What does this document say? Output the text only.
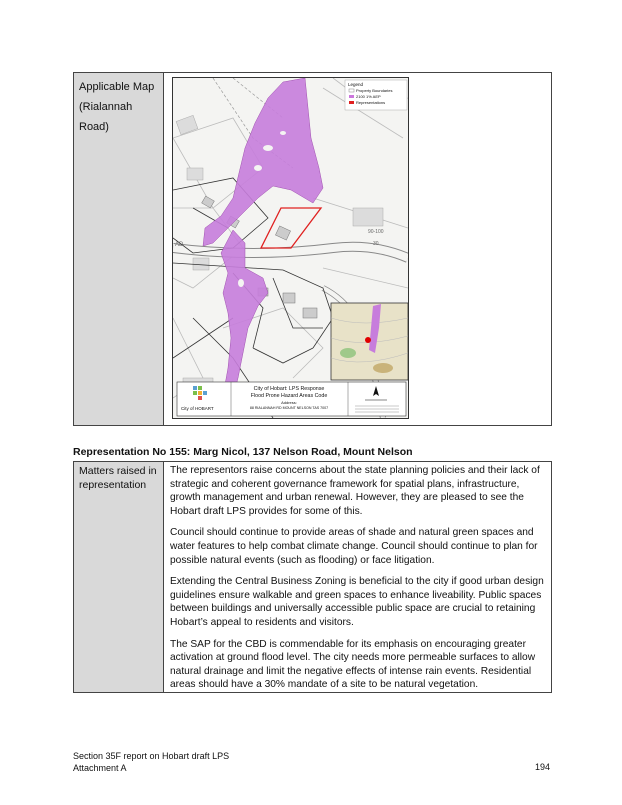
Applicable Map
(Rialannah Road)
AD
90-100
30
Legend
Property Boundaries
2100 1% AEP
Representations
City of HOBART
City of Hobart: LPS Response
Flood Prone Hazard Areas Code
Address:
88 RIALANNAH RD MOUNT NELSON TAS 7007
Representation No 155: Marg Nicol, 137 Nelson Road, Mount Nelson
Matters raised in representation

The representors raise concerns about the state planning policies and their lack of strategic and coherent governance framework for spatial plans, infrastructure, growth management and urban renewal. However, they are pleased to see the Hobart draft LPS provides for some of this.

Council should continue to provide areas of shade and natural green spaces and water features to help combat climate change. Council should continue to plan for possible natural events (such as flooding) or face litigation.

Extending the Central Business Zoning is beneficial to the city if good urban design guidelines ensure walkable and green spaces to enhance liveability. Public spaces between buildings and universally accessible public space are crucial to retaining Hobart’s appeal to residents and visitors.

The SAP for the CBD is commendable for its emphasis on encouraging greater activation at ground flood level. The city needs more permeable surfaces to allow natural drainage and limit the negative effects of intense rain events. Residential areas should have a 30% mandate of a site to be natural vegetation.

Section 35F report on Hobart draft LPS
Attachment A	194
